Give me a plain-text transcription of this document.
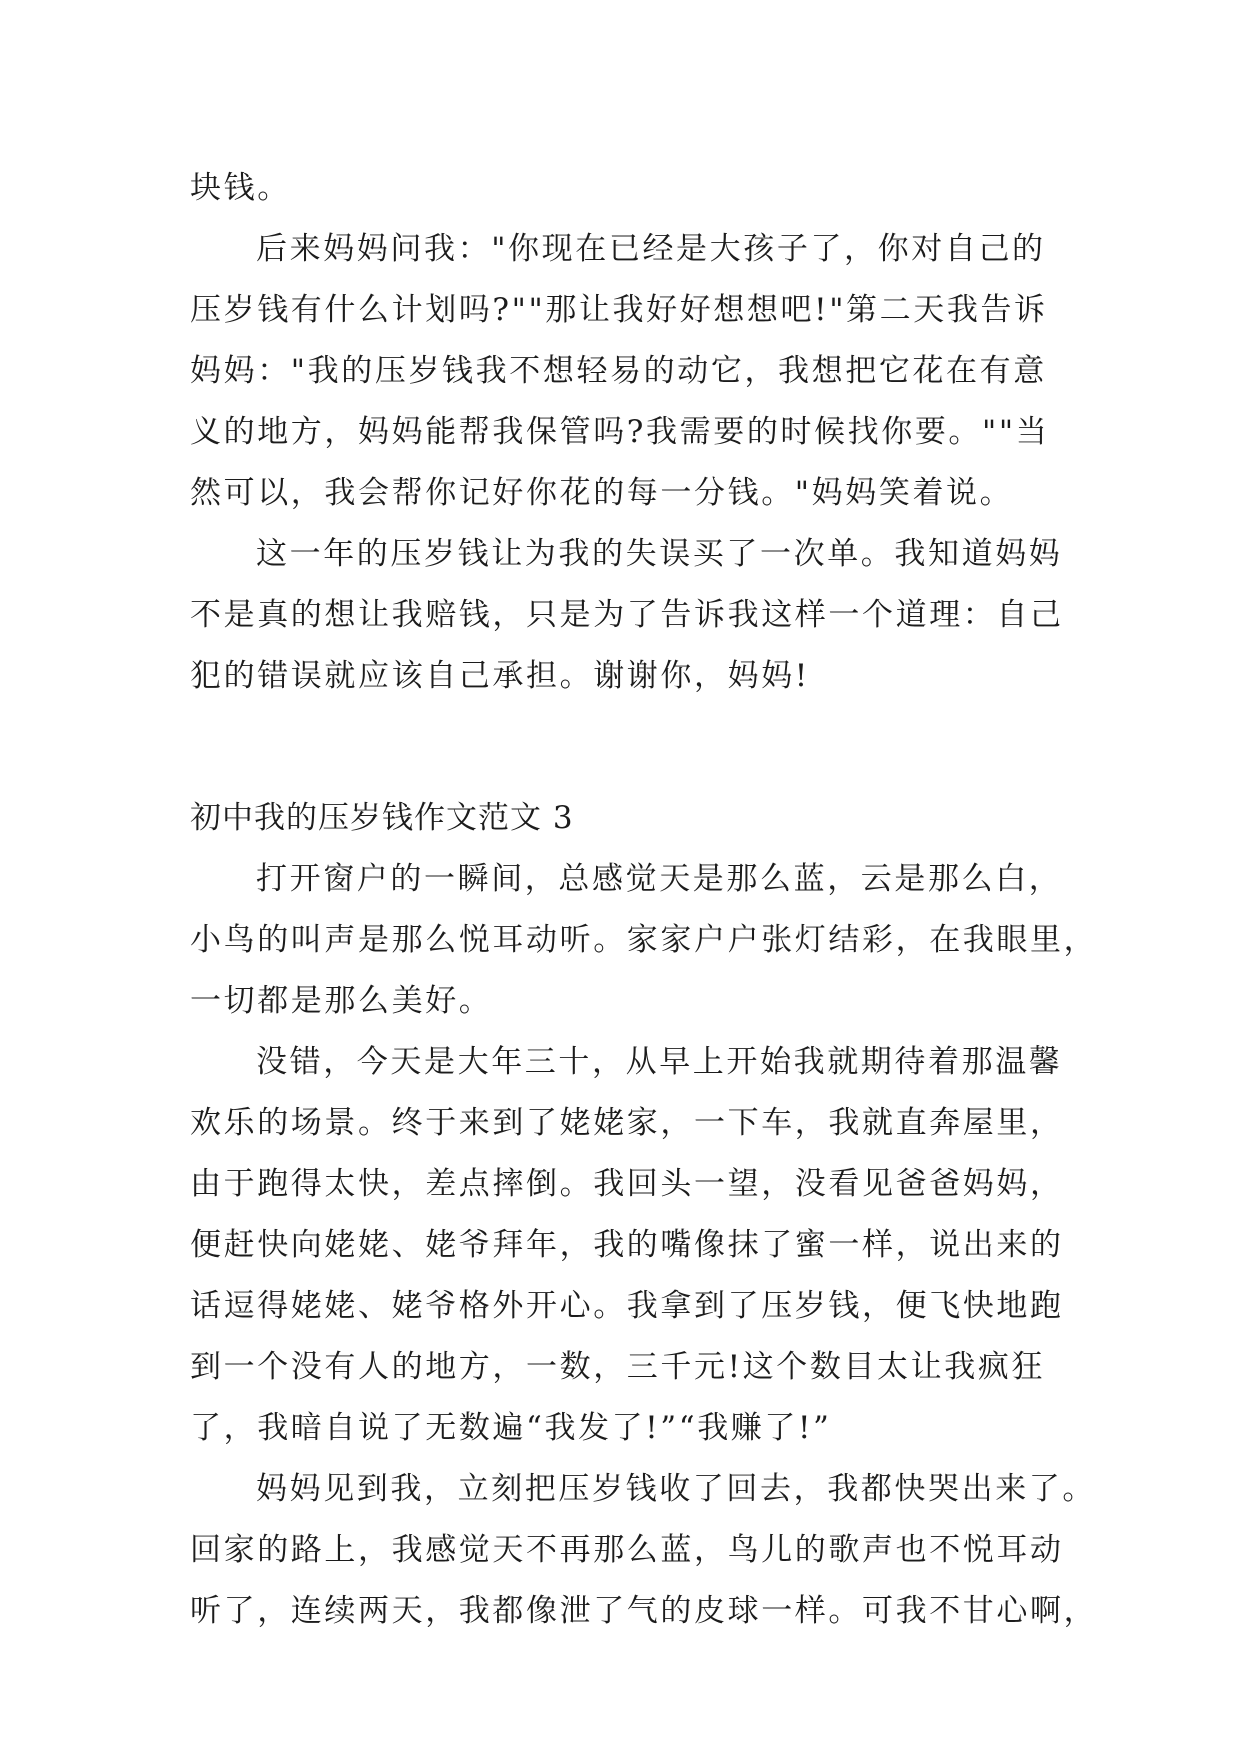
块钱。
后来妈妈问我："你现在已经是大孩子了，你对自己的
压岁钱有什么计划吗?""那让我好好想想吧!"第二天我告诉
妈妈："我的压岁钱我不想轻易的动它，我想把它花在有意
义的地方，妈妈能帮我保管吗?我需要的时候找你要。""当
然可以，我会帮你记好你花的每一分钱。"妈妈笑着说。
这一年的压岁钱让为我的失误买了一次单。我知道妈妈
不是真的想让我赔钱，只是为了告诉我这样一个道理：自己
犯的错误就应该自己承担。谢谢你，妈妈!
初中我的压岁钱作文范文 3
打开窗户的一瞬间，总感觉天是那么蓝，云是那么白，
小鸟的叫声是那么悦耳动听。家家户户张灯结彩，在我眼里，
一切都是那么美好。
没错，今天是大年三十，从早上开始我就期待着那温馨
欢乐的场景。终于来到了姥姥家，一下车，我就直奔屋里，
由于跑得太快，差点摔倒。我回头一望，没看见爸爸妈妈，
便赶快向姥姥、姥爷拜年，我的嘴像抹了蜜一样，说出来的
话逗得姥姥、姥爷格外开心。我拿到了压岁钱，便飞快地跑
到一个没有人的地方，一数，三千元!这个数目太让我疯狂
了，我暗自说了无数遍“我发了!”“我赚了!”
妈妈见到我，立刻把压岁钱收了回去，我都快哭出来了。
回家的路上，我感觉天不再那么蓝，鸟儿的歌声也不悦耳动
听了，连续两天，我都像泄了气的皮球一样。可我不甘心啊，
